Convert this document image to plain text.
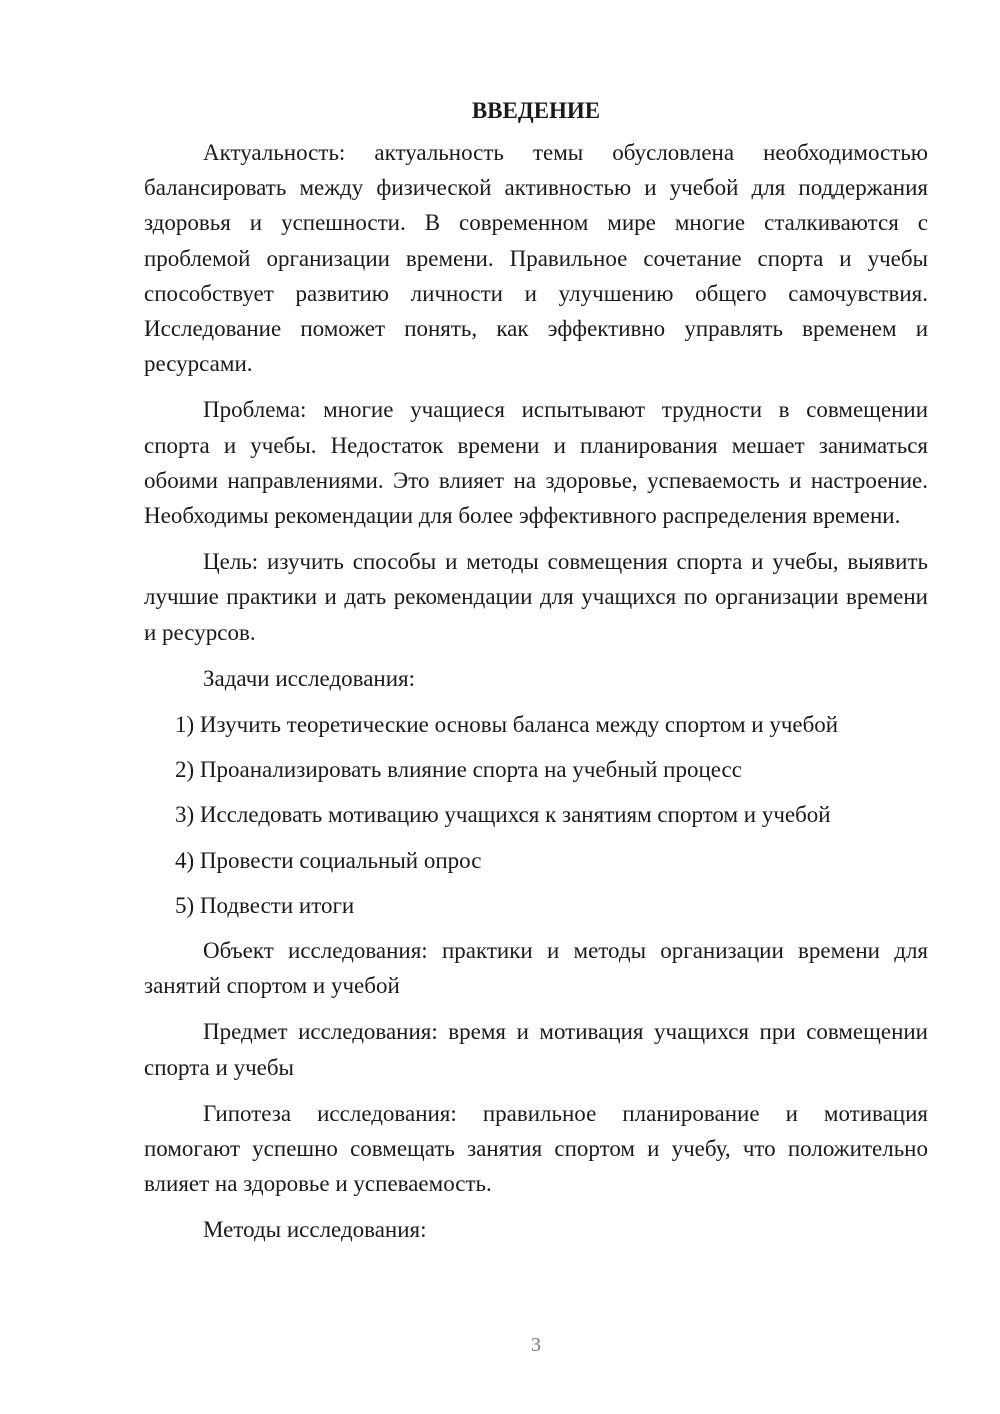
ВВЕДЕНИЕ

Актуальность: актуальность темы обусловлена необходимостью балансировать между физической активностью и учебой для поддержания здоровья и успешности. В современном мире многие сталкиваются с проблемой организации времени. Правильное сочетание спорта и учебы способствует развитию личности и улучшению общего самочувствия. Исследование поможет понять, как эффективно управлять временем и ресурсами.

Проблема: многие учащиеся испытывают трудности в совмещении спорта и учебы. Недостаток времени и планирования мешает заниматься обоими направлениями. Это влияет на здоровье, успеваемость и настроение. Необходимы рекомендации для более эффективного распределения времени.

Цель: изучить способы и методы совмещения спорта и учебы, выявить лучшие практики и дать рекомендации для учащихся по организации времени и ресурсов.

Задачи исследования:

1) Изучить теоретические основы баланса между спортом и учебой
2) Проанализировать влияние спорта на учебный процесс
3) Исследовать мотивацию учащихся к занятиям спортом и учебой
4) Провести социальный опрос
5) Подвести итоги

Объект исследования: практики и методы организации времени для занятий спортом и учебой

Предмет исследования: время и мотивация учащихся при совмещении спорта и учебы

Гипотеза исследования: правильное планирование и мотивация помогают успешно совмещать занятия спортом и учебу, что положительно влияет на здоровье и успеваемость.

Методы исследования:

3
